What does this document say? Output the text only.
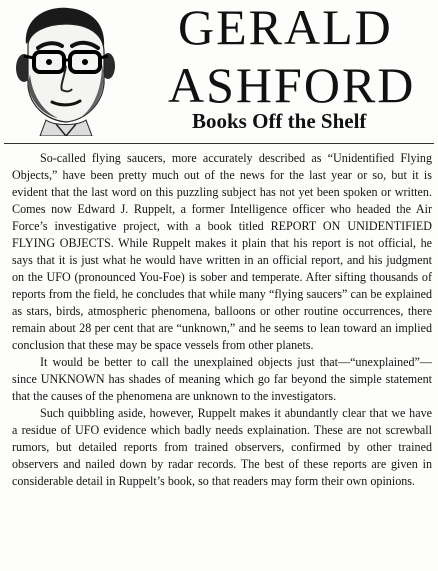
GERALD
ASHFORD
Books Off the Shelf

So-called flying saucers, more accurately described as “Unidentified Flying Objects,” have been pretty much out of the news for the last year or so, but it is evident that the last word on this puzzling subject has not yet been spoken or written. Comes now Edward J. Ruppelt, a former Intelligence officer who headed the Air Force’s investigative project, with a book titled REPORT ON UNIDENTIFIED FLYING OBJECTS. While Ruppelt makes it plain that his report is not official, he says that it is just what he would have written in an official report, and his judgment on the UFO (pronounced You-Foe) is sober and temperate. After sifting thousands of reports from the field, he concludes that while many “flying saucers” can be explained as stars, birds, atmospheric phenomena, balloons or other routine occurrences, there remain about 28 per cent that are “unknown,” and he seems to lean toward an implied conclusion that these may be space vessels from other planets.

It would be better to call the unexplained objects just that—“unexplained”—since UNKNOWN has shades of meaning which go far beyond the simple statement that the causes of the phenomena are unknown to the investigators.

Such quibbling aside, however, Ruppelt makes it abundantly clear that we have a residue of UFO evidence which badly needs explaination. These are not screwball rumors, but detailed reports from trained observers, confirmed by other trained observers and nailed down by radar records. The best of these reports are given in considerable detail in Ruppelt’s book, so that readers may form their own opinions.
